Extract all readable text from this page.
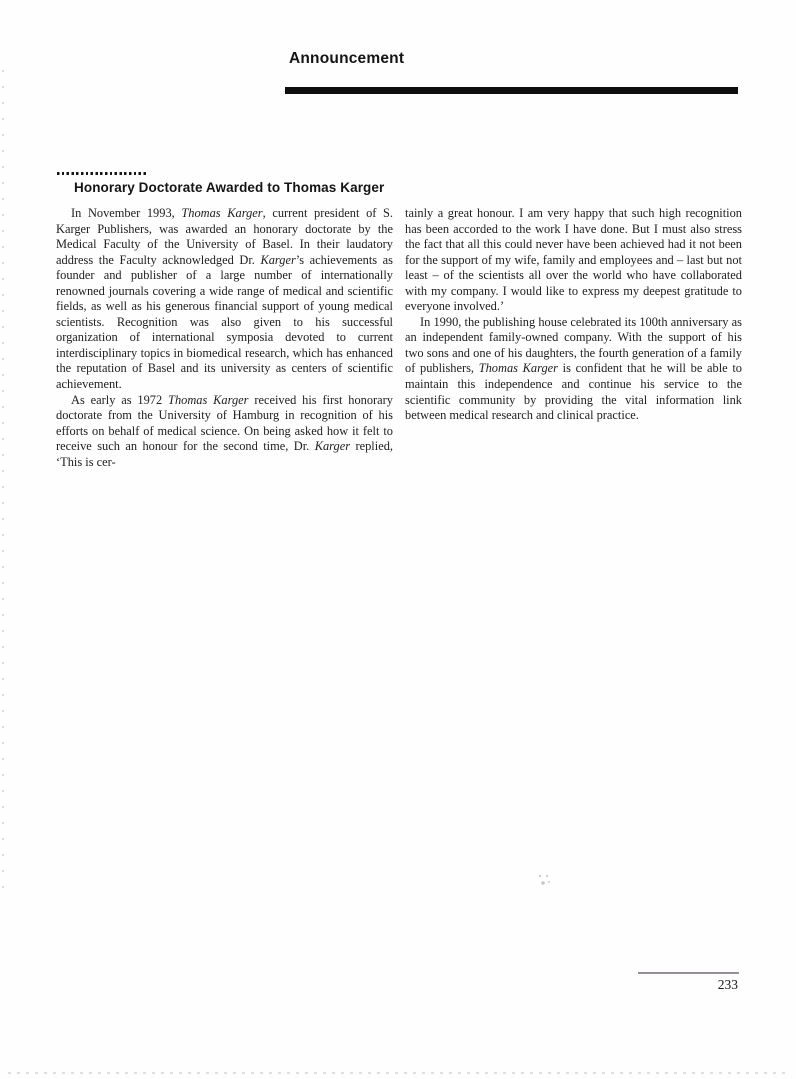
Announcement
Honorary Doctorate Awarded to Thomas Karger

In November 1993, Thomas Karger, current president of S. Karger Publishers, was awarded an honorary doctorate by the Medical Faculty of the University of Basel. In their laudatory address the Faculty acknowledged Dr. Karger’s achievements as founder and publisher of a large number of internationally renowned journals covering a wide range of medical and scientific fields, as well as his generous financial support of young medical scientists. Recognition was also given to his successful organization of international symposia devoted to current interdisciplinary topics in biomedical research, which has enhanced the reputation of Basel and its university as centers of scientific achievement.

As early as 1972 Thomas Karger received his first honorary doctorate from the University of Hamburg in recognition of his efforts on behalf of medical science. On being asked how it felt to receive such an honour for the second time, Dr. Karger replied, ‘This is cer-

tainly a great honour. I am very happy that such high recognition has been accorded to the work I have done. But I must also stress the fact that all this could never have been achieved had it not been for the support of my wife, family and employees and – last but not least – of the scientists all over the world who have collaborated with my company. I would like to express my deepest gratitude to everyone involved.’

In 1990, the publishing house celebrated its 100th anniversary as an independent family-owned company. With the support of his two sons and one of his daughters, the fourth generation of a family of publishers, Thomas Karger is confident that he will be able to maintain this independence and continue his service to the scientific community by providing the vital information link between medical research and clinical practice.

233
